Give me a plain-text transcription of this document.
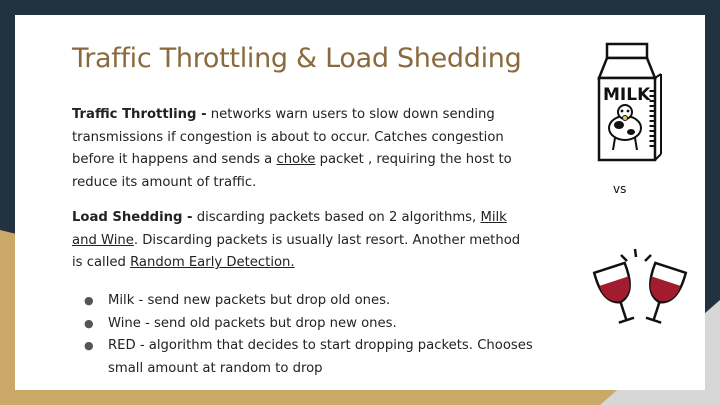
Traffic Throttling & Load Shedding

Traffic Throttling - networks warn users to slow down sending transmissions if congestion is about to occur. Catches congestion before it happens and sends a choke packet , requiring the host to reduce its amount of traffic.

Load Shedding - discarding packets based on 2 algorithms, Milk and Wine. Discarding packets is usually last resort. Another method is called Random Early Detection.

● Milk - send new packets but drop old ones.
● Wine - send old packets but drop new ones.
● RED - algorithm that decides to start dropping packets. Chooses small amount at random to drop
MILK
vs
